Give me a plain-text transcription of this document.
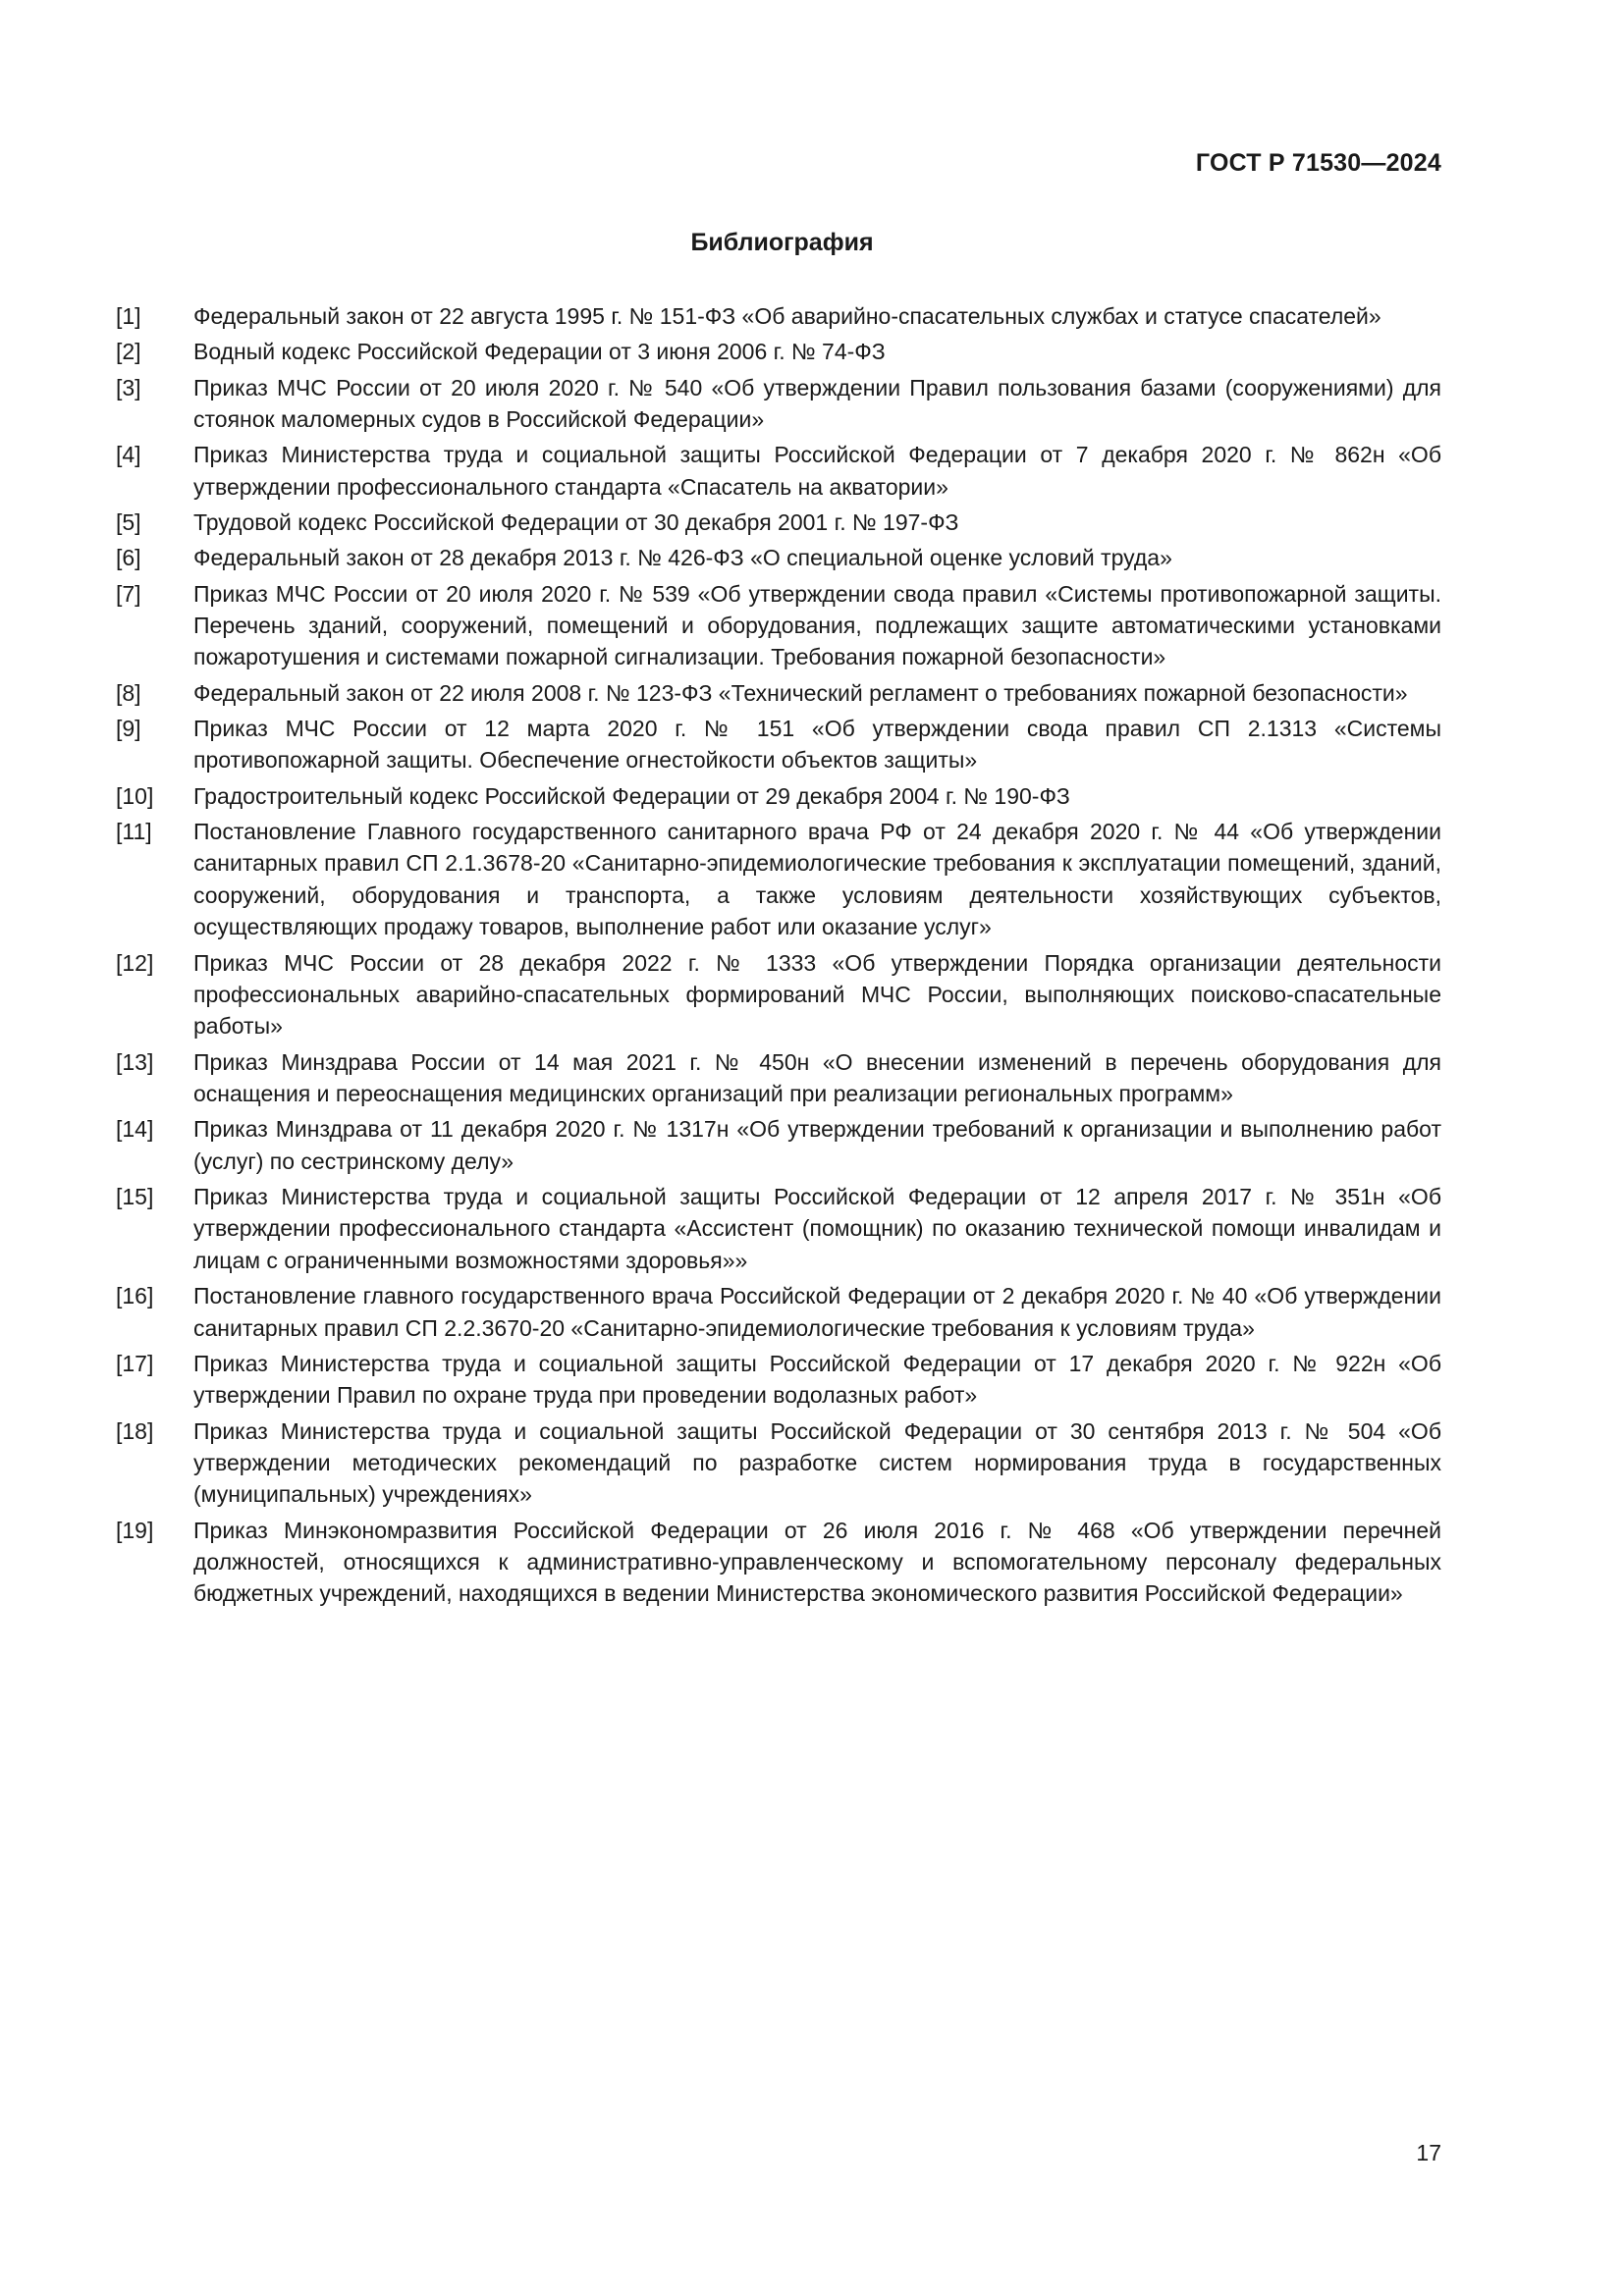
ГОСТ Р 71530—2024
Библиография
[1]	Федеральный закон от 22 августа 1995 г. № 151-ФЗ «Об аварийно-спасательных службах и статусе спасателей»
[2]	Водный кодекс Российской Федерации от 3 июня 2006 г. № 74-ФЗ
[3]	Приказ МЧС России от 20 июля 2020 г. № 540 «Об утверждении Правил пользования базами (сооружениями) для стоянок маломерных судов в Российской Федерации»
[4]	Приказ Министерства труда и социальной защиты Российской Федерации от 7 декабря 2020 г. № 862н «Об утверждении профессионального стандарта «Спасатель на акватории»
[5]	Трудовой кодекс Российской Федерации от 30 декабря 2001 г. № 197-ФЗ
[6]	Федеральный закон от 28 декабря 2013 г. № 426-ФЗ «О специальной оценке условий труда»
[7]	Приказ МЧС России от 20 июля 2020 г. № 539 «Об утверждении свода правил «Системы противопожарной защиты. Перечень зданий, сооружений, помещений и оборудования, подлежащих защите автоматическими установками пожаротушения и системами пожарной сигнализации. Требования пожарной безопасности»
[8]	Федеральный закон от 22 июля 2008 г. № 123-ФЗ «Технический регламент о требованиях пожарной безопасности»
[9]	Приказ МЧС России от 12 марта 2020 г. № 151 «Об утверждении свода правил СП 2.1313 «Системы противопожарной защиты. Обеспечение огнестойкости объектов защиты»
[10]	Градостроительный кодекс Российской Федерации от 29 декабря 2004 г. № 190-ФЗ
[11]	Постановление Главного государственного санитарного врача РФ от 24 декабря 2020 г. № 44 «Об утверждении санитарных правил СП 2.1.3678-20 «Санитарно-эпидемиологические требования к эксплуатации помещений, зданий, сооружений, оборудования и транспорта, а также условиям деятельности хозяйствующих субъектов, осуществляющих продажу товаров, выполнение работ или оказание услуг»
[12]	Приказ МЧС России от 28 декабря 2022 г. № 1333 «Об утверждении Порядка организации деятельности профессиональных аварийно-спасательных формирований МЧС России, выполняющих поисково-спасательные работы»
[13]	Приказ Минздрава России от 14 мая 2021 г. № 450н «О внесении изменений в перечень оборудования для оснащения и переоснащения медицинских организаций при реализации региональных программ»
[14]	Приказ Минздрава от 11 декабря 2020 г. № 1317н «Об утверждении требований к организации и выполнению работ (услуг) по сестринскому делу»
[15]	Приказ Министерства труда и социальной защиты Российской Федерации от 12 апреля 2017 г. № 351н «Об утверждении профессионального стандарта «Ассистент (помощник) по оказанию технической помощи инвалидам и лицам с ограниченными возможностями здоровья»»
[16]	Постановление главного государственного врача Российской Федерации от 2 декабря 2020 г. № 40 «Об утверждении санитарных правил СП 2.2.3670-20 «Санитарно-эпидемиологические требования к условиям труда»
[17]	Приказ Министерства труда и социальной защиты Российской Федерации от 17 декабря 2020 г. № 922н «Об утверждении Правил по охране труда при проведении водолазных работ»
[18]	Приказ Министерства труда и социальной защиты Российской Федерации от 30 сентября 2013 г. № 504 «Об утверждении методических рекомендаций по разработке систем нормирования труда в государственных (муниципальных) учреждениях»
[19]	Приказ Минэкономразвития Российской Федерации от 26 июля 2016 г. № 468 «Об утверждении перечней должностей, относящихся к административно-управленческому и вспомогательному персоналу федеральных бюджетных учреждений, находящихся в ведении Министерства экономического развития Российской Федерации»
17
